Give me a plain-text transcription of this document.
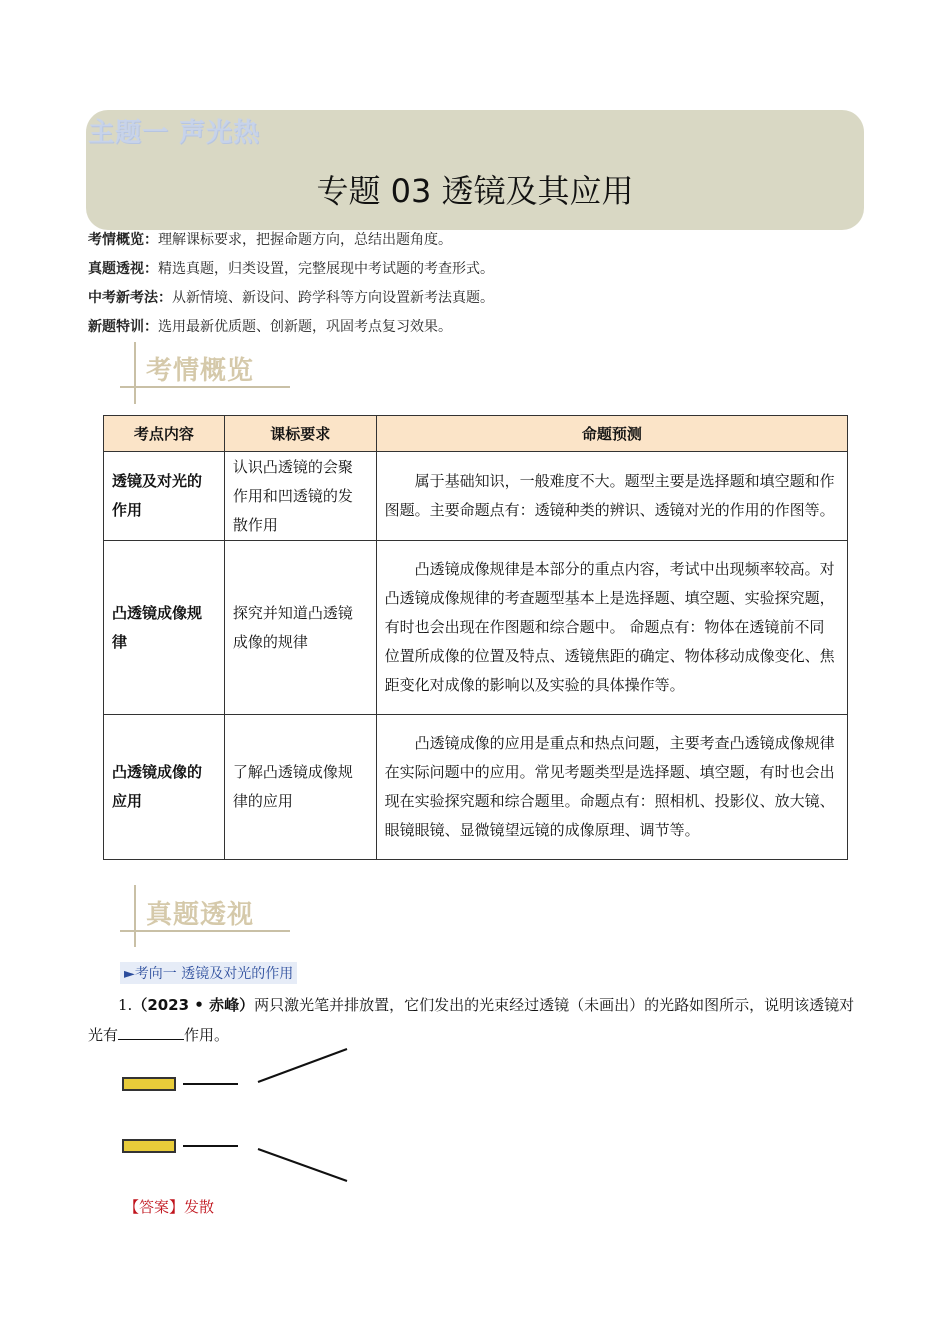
主题一 声光热
专题 03 透镜及其应用
考情概览：理解课标要求，把握命题方向，总结出题角度。
真题透视：精选真题，归类设置，完整展现中考试题的考查形式。
中考新考法：从新情境、新设问、跨学科等方向设置新考法真题。
新题特训：选用最新优质题、创新题，巩固考点复习效果。
考情概览
考点内容	课标要求	命题预测
透镜及对光的作用	认识凸透镜的会聚作用和凹透镜的发散作用	属于基础知识，一般难度不大。题型主要是选择题和填空题和作图题。主要命题点有：透镜种类的辨识、透镜对光的作用的作图等。
凸透镜成像规律	探究并知道凸透镜成像的规律	凸透镜成像规律是本部分的重点内容，考试中出现频率较高。对凸透镜成像规律的考查题型基本上是选择题、填空题、实验探究题，有时也会出现在作图题和综合题中。 命题点有：物体在透镜前不同位置所成像的位置及特点、透镜焦距的确定、物体移动成像变化、焦距变化对成像的影响以及实验的具体操作等。
凸透镜成像的应用	了解凸透镜成像规律的应用	凸透镜成像的应用是重点和热点问题，主要考查凸透镜成像规律在实际问题中的应用。常见考题类型是选择题、填空题，有时也会出现在实验探究题和综合题里。命题点有：照相机、投影仪、放大镜、眼镜眼镜、显微镜望远镜的成像原理、调节等。
真题透视
►考向一 透镜及对光的作用
1.（2023 • 赤峰）两只激光笔并排放置，它们发出的光束经过透镜（未画出）的光路如图所示，说明该透镜对光有	作用。
【答案】发散
